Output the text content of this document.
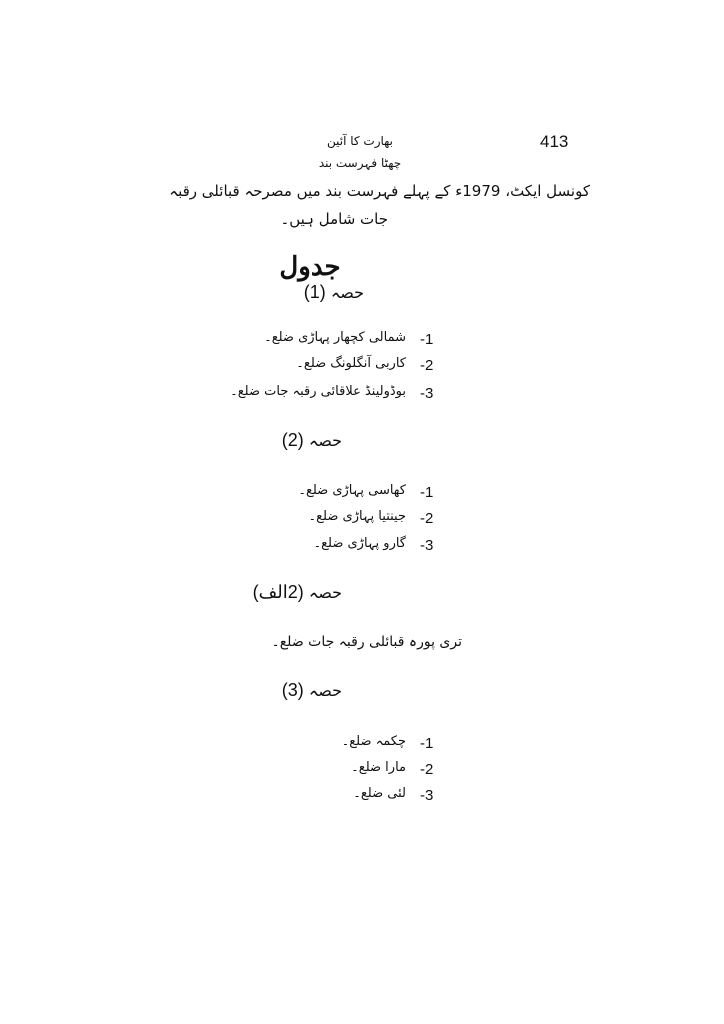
413
بھارت کا آئین
چھٹا فہرست بند
کونسل ایکٹ، 1979ء کے پہلے فہرست بند میں مصرحہ قبائلی رقبہ
جات شامل ہیں۔
جدول
حصہ (1)
-1
شمالی کچھار پہاڑی ضلع۔
-2
کاربی آنگلونگ ضلع۔
-3
بوڈولینڈ علاقائی رقبہ جات ضلع۔
حصہ (2)
-1
کھاسی پہاڑی ضلع۔
-2
جینتیا پہاڑی ضلع۔
-3
گارو پہاڑی ضلع۔
حصہ (2الف)
تری پورہ قبائلی رقبہ جات ضلع۔
حصہ (3)
-1
چکمہ ضلع۔
-2
مارا ضلع۔
-3
لئی ضلع۔
